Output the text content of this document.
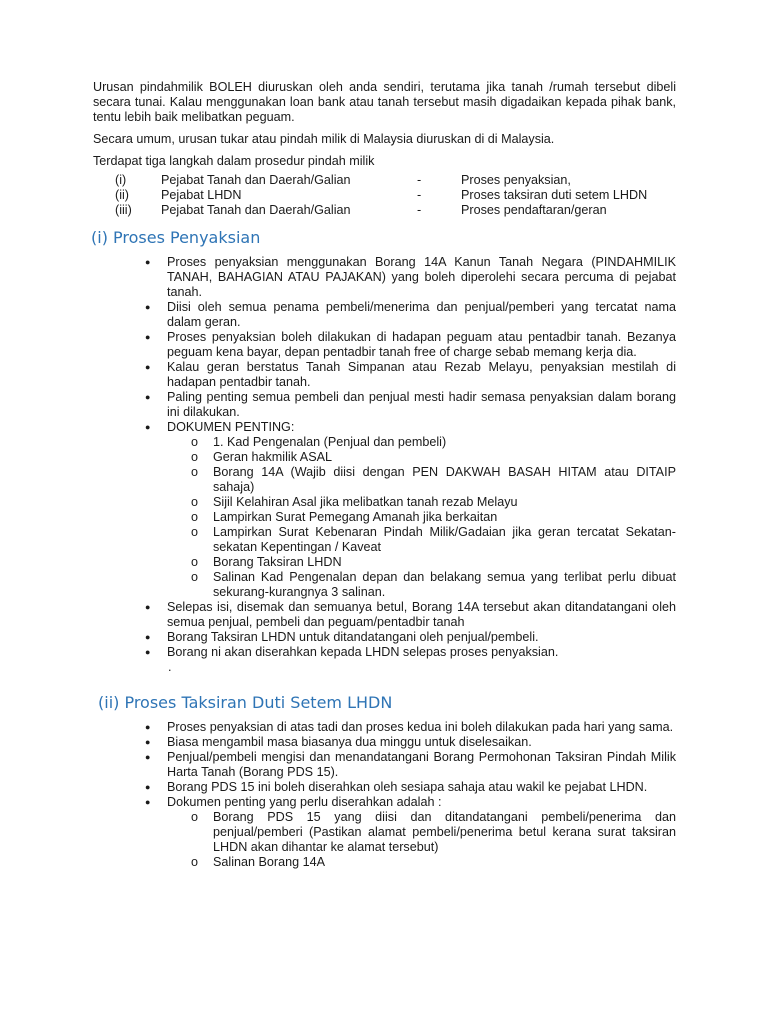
Urusan pindahmilik BOLEH diuruskan oleh anda sendiri, terutama jika tanah /rumah tersebut dibeli secara tunai. Kalau menggunakan loan bank atau tanah tersebut masih digadaikan kepada pihak bank, tentu lebih baik melibatkan peguam.

Secara umum, urusan tukar atau pindah milik di Malaysia diuruskan di di Malaysia.

Terdapat tiga langkah dalam prosedur pindah milik

(i)	Pejabat Tanah dan Daerah/Galian	-	Proses penyaksian,
(ii)	Pejabat LHDN	-	Proses taksiran duti setem LHDN
(iii)	Pejabat Tanah dan Daerah/Galian	-	Proses pendaftaran/geran
(i) Proses Penyaksian
● Proses penyaksian menggunakan Borang 14A Kanun Tanah Negara (PINDAHMILIK TANAH, BAHAGIAN ATAU PAJAKAN) yang boleh diperolehi secara percuma di pejabat tanah.
● Diisi oleh semua penama pembeli/menerima dan penjual/pemberi yang tercatat nama dalam geran.
● Proses penyaksian boleh dilakukan di hadapan peguam atau pentadbir tanah. Bezanya peguam kena bayar, depan pentadbir tanah free of charge sebab memang kerja dia.
● Kalau geran berstatus Tanah Simpanan atau Rezab Melayu, penyaksian mestilah di hadapan pentadbir tanah.
● Paling penting semua pembeli dan penjual mesti hadir semasa penyaksian dalam borang ini dilakukan.
● DOKUMEN PENTING:
o 1. Kad Pengenalan (Penjual dan pembeli)
o Geran hakmilik ASAL
o Borang 14A (Wajib diisi dengan PEN DAKWAH BASAH HITAM atau DITAIP sahaja)
o Sijil Kelahiran Asal jika melibatkan tanah rezab Melayu
o Lampirkan Surat Pemegang Amanah jika berkaitan
o Lampirkan Surat Kebenaran Pindah Milik/Gadaian jika geran tercatat Sekatan-sekatan Kepentingan / Kaveat
o Borang Taksiran LHDN
o Salinan Kad Pengenalan depan dan belakang semua yang terlibat perlu dibuat sekurang-kurangnya 3 salinan.
● Selepas isi, disemak dan semuanya betul, Borang 14A tersebut akan ditandatangani oleh semua penjual, pembeli dan peguam/pentadbir tanah
● Borang Taksiran LHDN untuk ditandatangani oleh penjual/pembeli.
● Borang ni akan diserahkan kepada LHDN selepas proses penyaksian.
.
(ii) Proses Taksiran Duti Setem LHDN
● Proses penyaksian di atas tadi dan proses kedua ini boleh dilakukan pada hari yang sama.
● Biasa mengambil masa biasanya dua minggu untuk diselesaikan.
● Penjual/pembeli mengisi dan menandatangani Borang Permohonan Taksiran Pindah Milik Harta Tanah (Borang PDS 15).
● Borang PDS 15 ini boleh diserahkan oleh sesiapa sahaja atau wakil ke pejabat LHDN.
● Dokumen penting yang perlu diserahkan adalah :
o Borang PDS 15 yang diisi dan ditandatangani pembeli/penerima dan penjual/pemberi (Pastikan alamat pembeli/penerima betul kerana surat taksiran LHDN akan dihantar ke alamat tersebut)
o Salinan Borang 14A
